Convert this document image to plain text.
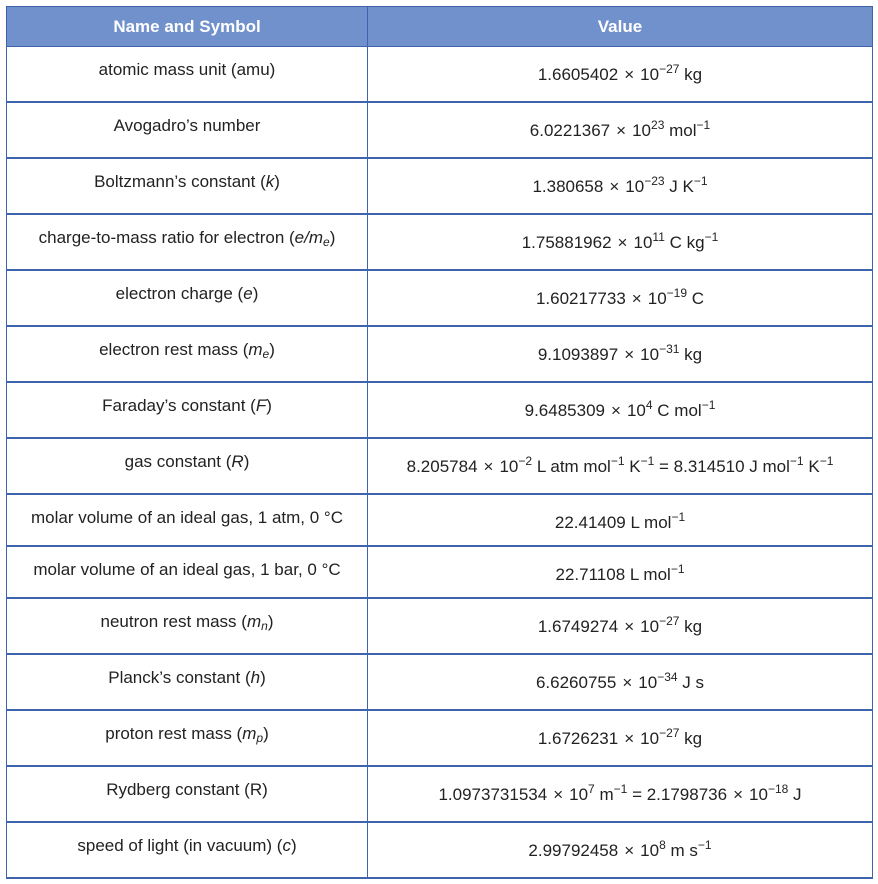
Name and Symbol	Value
atomic mass unit (amu)	$1.6605402 \times 10^{-27}$ kg
Avogadro’s number	$6.0221367 \times 10^{23}$ mol$^{-1}$
Boltzmann’s constant (k)	$1.380658 \times 10^{-23}$ J $K^{-1}$
charge-to-mass ratio for electron $(e/m_e)$	$1.75881962 \times 10^{11}$ C $kg^{-1}$
electron charge (e)	$1.60217733 \times 10^{-19}$ C
electron rest mass $(m_e)$	$9.1093897 \times 10^{-31}$ kg
Faraday’s constant (F)	$9.6485309 \times 10^4$ C mol$^{-1}$
gas constant (R)	$8.205784 \times 10^{-2}$ L atm mol$^{-1}$ $K^{-1} = 8.314510$ J mol$^{-1}$ $K^{-1}$
molar volume of an ideal gas, 1 atm, 0 °C	22.41409 L mol$^{-1}$
molar volume of an ideal gas, 1 bar, 0 °C	22.71108 L mol$^{-1}$
neutron rest mass $(m_n)$	$1.6749274 \times 10^{-27}$ kg
Planck’s constant (h)	$6.6260755 \times 10^{-34}$ J s
proton rest mass $(m_p)$	$1.6726231 \times 10^{-27}$ kg
Rydberg constant (R)	$1.0973731534 \times 10^7$ $m^{-1} = 2.1798736 \times 10^{-18}$ J
speed of light (in vacuum) (c)	$2.99792458 \times 10^8$ m $s^{-1}$
